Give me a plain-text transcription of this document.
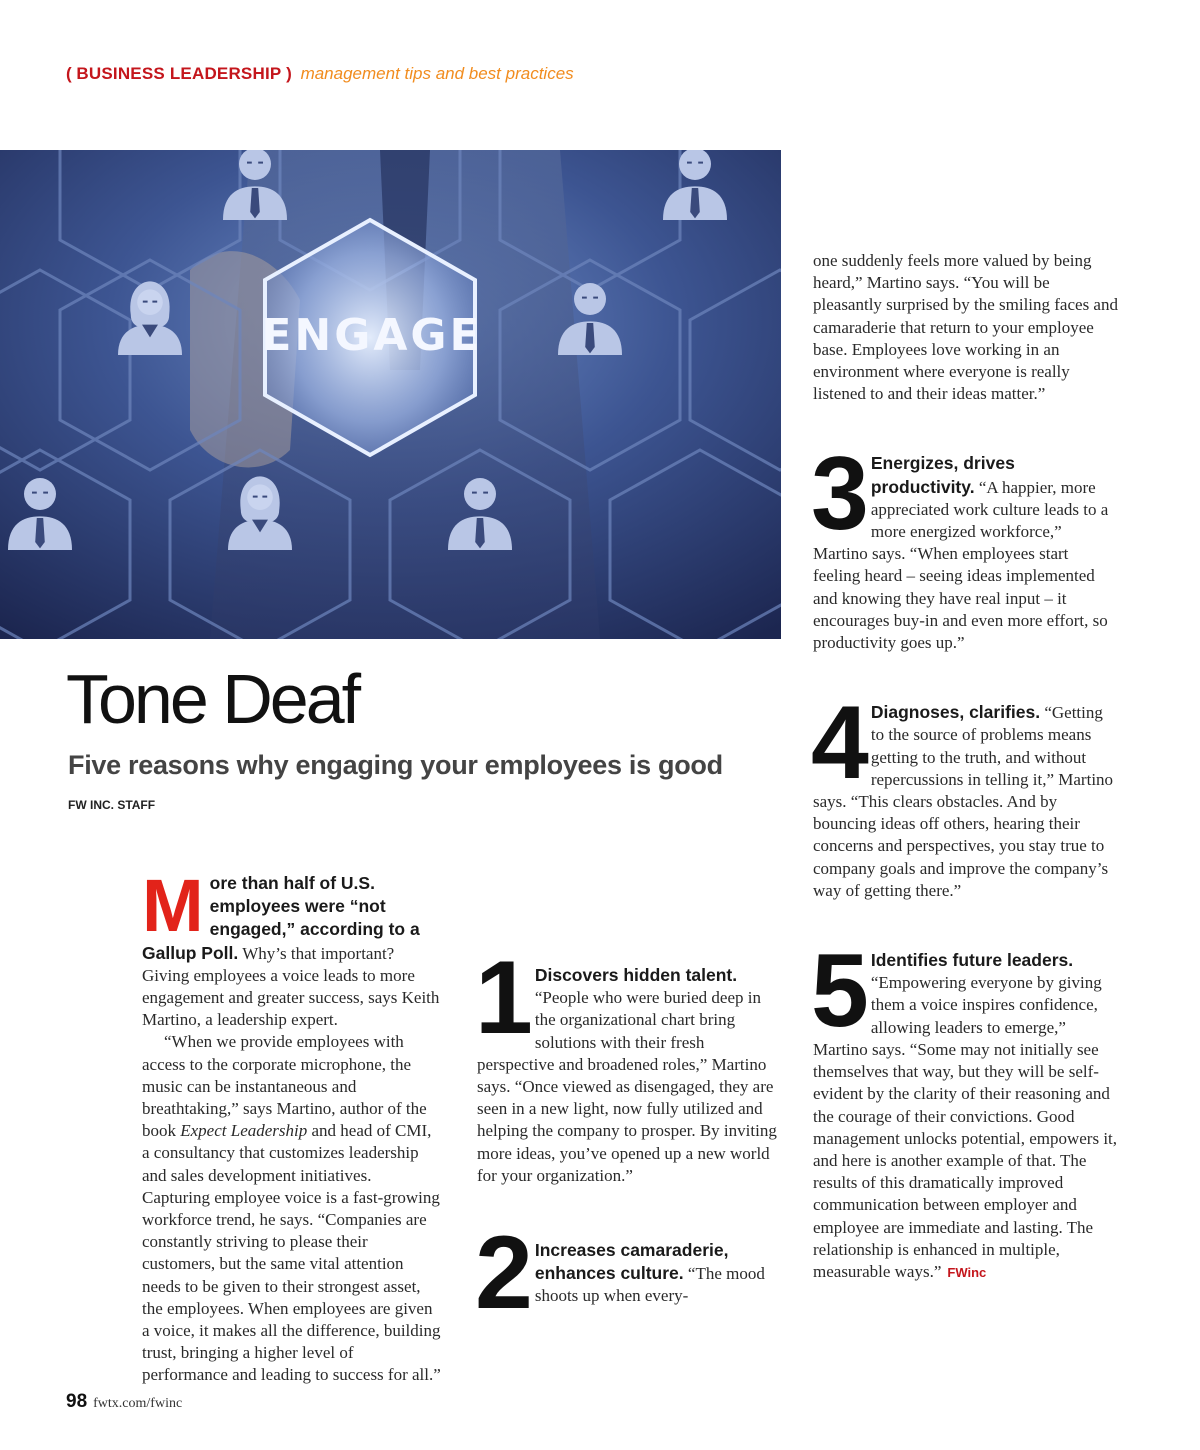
( BUSINESS LEADERSHIP ) management tips and best practices
ENGAGE
Tone Deaf
Five reasons why engaging your employees is good
FW INC. STAFF

More than half of U.S. employees were “not engaged,” according to a Gallup Poll. Why’s that important? Giving employees a voice leads to more engagement and greater success, says Keith Martino, a leadership expert.

“When we provide employees with access to the corporate microphone, the music can be instantaneous and breathtaking,” says Martino, author of the book Expect Leadership and head of CMI, a consultancy that customizes leadership and sales development initiatives. Capturing employee voice is a fast-growing workforce trend, he says. “Companies are constantly striving to please their customers, but the same vital attention needs to be given to their strongest asset, the employees. When employees are given a voice, it makes all the difference, building trust, bringing a higher level of performance and leading to success for all.”

1 Discovers hidden talent. “People who were buried deep in the organizational chart bring solutions with their fresh perspective and broadened roles,” Martino says. “Once viewed as disengaged, they are seen in a new light, now fully utilized and helping the company to prosper. By inviting more ideas, you’ve opened up a new world for your organization.”
2 Increases camaraderie, enhances culture. “The mood shoots up when every-

one suddenly feels more valued by being heard,” Martino says. “You will be pleasantly surprised by the smiling faces and camaraderie that return to your employee base. Employees love working in an environment where everyone is really listened to and their ideas matter.”

3 Energizes, drives productivity. “A happier, more appreciated work culture leads to a more energized workforce,” Martino says. “When employees start feeling heard – seeing ideas implemented and knowing they have real input – it encourages buy-in and even more effort, so productivity goes up.”
4 Diagnoses, clarifies. “Getting to the source of problems means getting to the truth, and without repercussions in telling it,” Martino says. “This clears obstacles. And by bouncing ideas off others, hearing their concerns and perspectives, you stay true to company goals and improve the company’s way of getting there.”
5 Identifies future leaders. “Empowering everyone by giving them a voice inspires confidence, allowing leaders to emerge,” Martino says. “Some may not initially see themselves that way, but they will be self-evident by the clarity of their reasoning and the courage of their convictions. Good management unlocks potential, empowers it, and here is another example of that. The results of this dramatically improved communication between employer and employee are immediate and lasting. The relationship is enhanced in multiple, measurable ways.” FWinc
98 fwtx.com/fwinc
